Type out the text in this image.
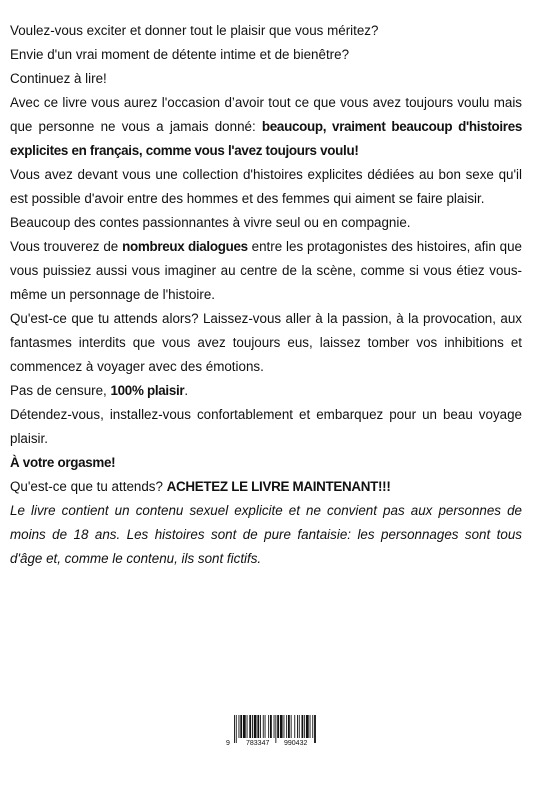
Voulez-vous exciter et donner tout le plaisir que vous méritez?

Envie d'un vrai moment de détente intime et de bienêtre?

Continuez à lire!

Avec ce livre vous aurez l'occasion d’avoir tout ce que vous avez toujours voulu mais que personne ne vous a jamais donné: beaucoup, vraiment beaucoup d'histoires explicites en français, comme vous l'avez toujours voulu!

Vous avez devant vous une collection d'histoires explicites dédiées au bon sexe qu'il est possible d'avoir entre des hommes et des femmes qui aiment se faire plaisir.

Beaucoup des contes passionnantes à vivre seul ou en compagnie.

Vous trouverez de nombreux dialogues entre les protagonistes des histoires, afin que vous puissiez aussi vous imaginer au centre de la scène, comme si vous étiez vous-même un personnage de l'histoire.

Qu'est-ce que tu attends alors? Laissez-vous aller à la passion, à la provocation, aux fantasmes interdits que vous avez toujours eus, laissez tomber vos inhibitions et commencez à voyager avec des émotions.

Pas de censure, 100% plaisir.

Détendez-vous, installez-vous confortablement et embarquez pour un beau voyage plaisir.

À votre orgasme!

Qu'est-ce que tu attends? ACHETEZ LE LIVRE MAINTENANT!!!

Le livre contient un contenu sexuel explicite et ne convient pas aux personnes de moins de 18 ans. Les histoires sont de pure fantaisie: les personnages sont tous d'âge et, comme le contenu, ils sont fictifs.

9 783347 990432
